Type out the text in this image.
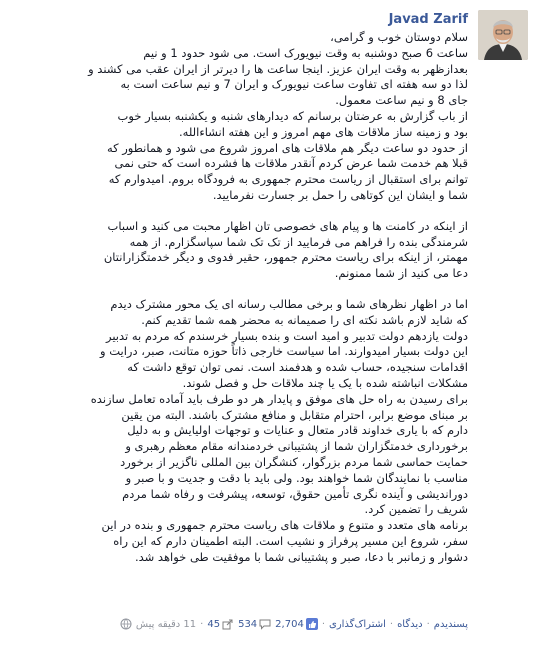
Javad Zarif

سلام دوستان خوب و گرامی،
ساعت 6 صبح دوشنبه به وقت نیویورک است. می شود حدود 1 و نیم
بعدازظهر به وقت ایران عزیز. اینجا ساعت ها را دیرتر از ایران عقب می کشند و
لذا دو سه هفته ای تفاوت ساعت نیویورک و ایران 7 و نیم ساعت است به
جای 8 و نیم ساعت معمول.
از باب گزارش به عرضتان برسانم که دیدارهای شنبه و یکشنبه بسیار خوب
بود و زمینه ساز ملاقات های مهم امروز و این هفته انشاءالله.
از حدود دو ساعت دیگر هم ملاقات های امروز شروع می شود و همانطور که
قبلا هم خدمت شما عرض کردم آنقدر ملاقات ها فشرده است که حتی نمی
توانم برای استقبال از ریاست محترم جمهوری به فرودگاه بروم. امیدوارم که
شما و ایشان این کوتاهی را حمل بر جسارت نفرمایید.

از اینکه در کامنت ها و پیام های خصوصی تان اظهار محبت می کنید و اسباب
شرمندگی بنده را فراهم می فرمایید از تک تک شما سپاسگزارم. از همه
مهمتر، از اینکه برای ریاست محترم جمهور، حقیر فدوی و دیگر خدمتگزارانتان
دعا می کنید از شما ممنونم.

اما در اظهار نظرهای شما و برخی مطالب رسانه ای یک محور مشترک دیدم
که شاید لازم باشد نکته ای را صمیمانه به محضر همه شما تقدیم کنم.
دولت یازدهم دولت تدبیر و امید است و بنده بسیار خرسندم که مردم به تدبیر
این دولت بسیار امیدوارند. اما سیاست خارجی ذاتاً حوزه متانت، صبر، درایت و
اقدامات سنجیده، حساب شده و هدفمند است. نمی توان توقع داشت که
مشکلات انباشته شده با یک یا چند ملاقات حل و فصل شوند.
برای رسیدن به راه حل های موفق و پایدار هر دو طرف باید آماده تعامل سازنده
بر مبنای موضع برابر، احترام متقابل و منافع مشترک باشند. البته من یقین
دارم که با یاری خداوند قادر متعال و عنایات و توجهات اولیایش و به دلیل
برخورداری خدمتگزاران شما از پشتیبانی خردمندانه مقام معظم رهبری و
حمایت حماسی شما مردم بزرگوار، کنشگران بین المللی ناگزیر از برخورد
مناسب با نمایندگان شما خواهند بود. ولی باید با دقت و جدیت و با صبر و
دوراندیشی و آینده نگری تأمین حقوق، توسعه، پیشرفت و رفاه شما مردم
شریف را تضمین کرد.
برنامه های متعدد و متنوع و ملاقات های ریاست محترم جمهوری و بنده در این
سفر، شروع این مسیر پرفراز و نشیب است. البته اطمینان دارم که این راه
دشوار و زمانبر با دعا، صبر و پشتیبانی شما با موفقیت طی خواهد شد.

پسندیدم
·
دیدگاه
·
اشتراک‌گذاری
·
2,704
534
45
·
11 دقیقه پیش
